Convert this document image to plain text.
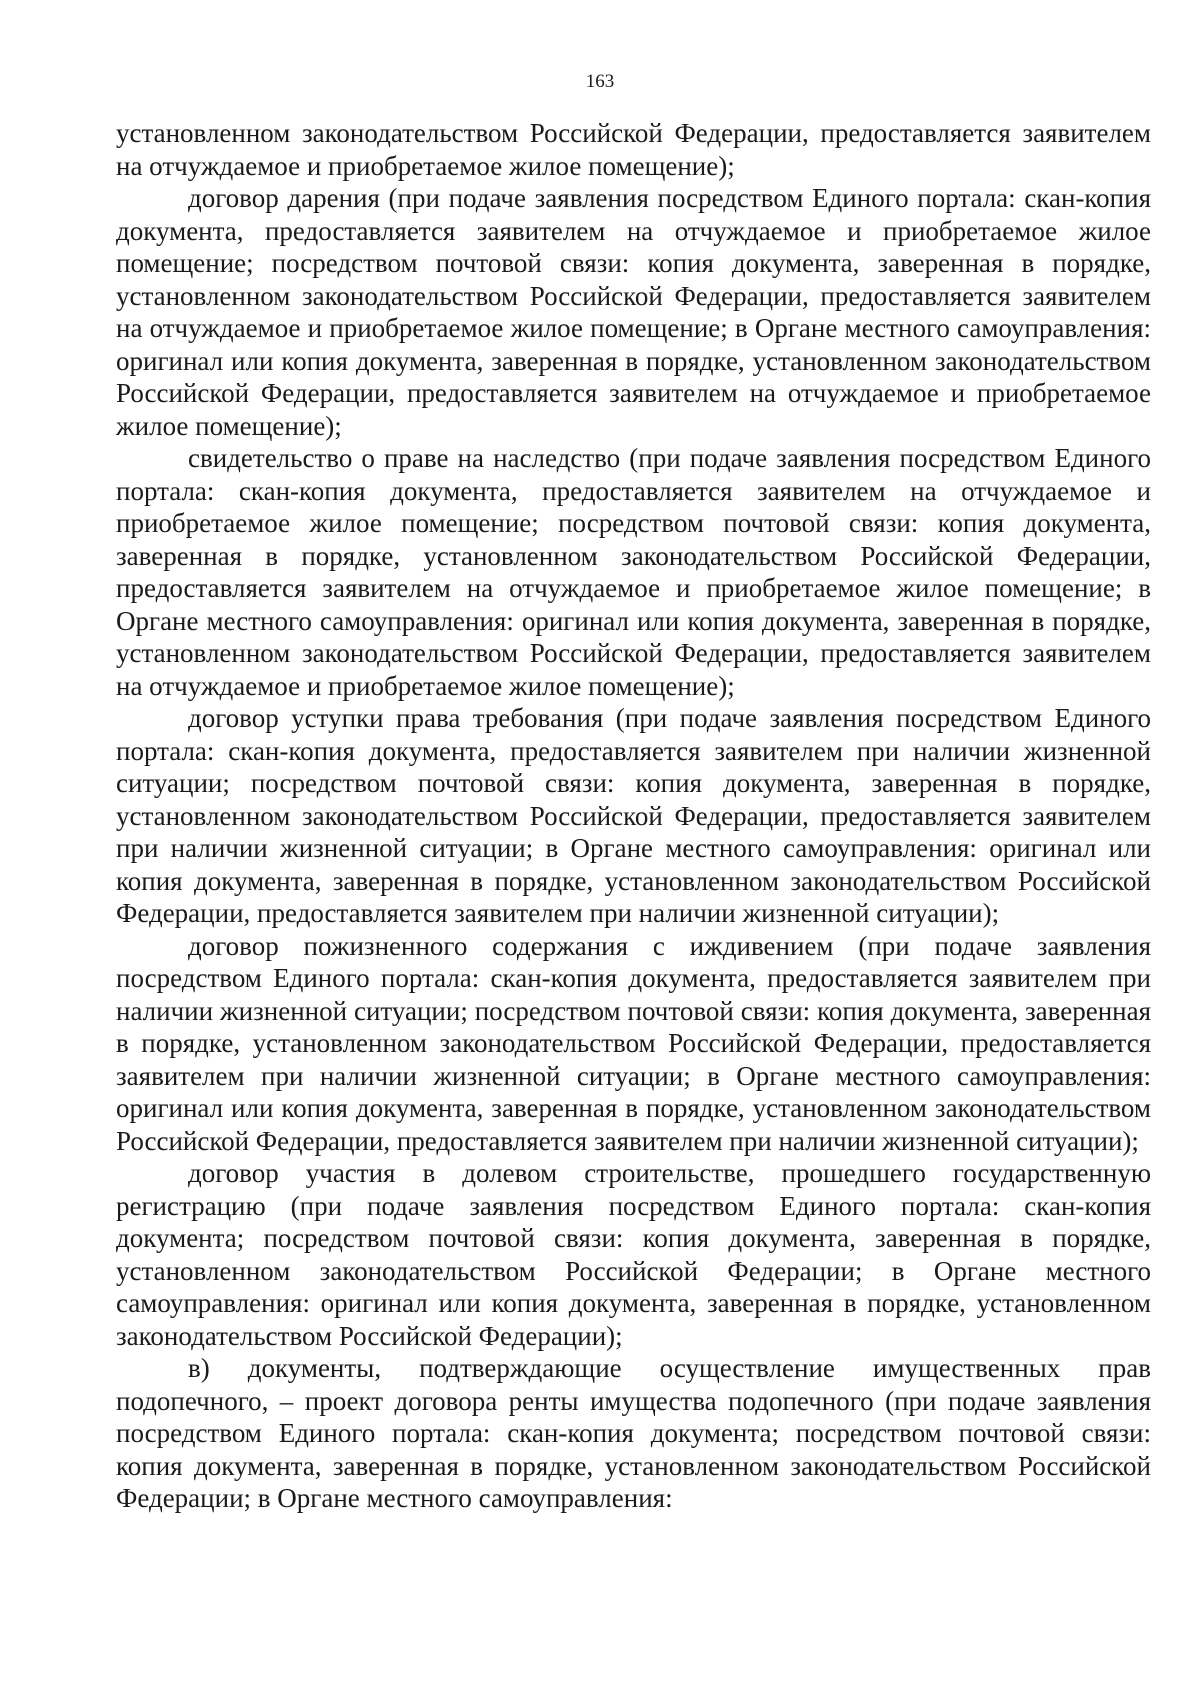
163

установленном законодательством Российской Федерации, предоставляется заявителем на отчуждаемое и приобретаемое жилое помещение);

договор дарения (при подаче заявления посредством Единого портала: скан-копия документа, предоставляется заявителем на отчуждаемое и приобретаемое жилое помещение; посредством почтовой связи: копия документа, заверенная в порядке, установленном законодательством Российской Федерации, предоставляется заявителем на отчуждаемое и приобретаемое жилое помещение; в Органе местного самоуправления: оригинал или копия документа, заверенная в порядке, установленном законодательством Российской Федерации, предоставляется заявителем на отчуждаемое и приобретаемое жилое помещение);

свидетельство о праве на наследство (при подаче заявления посредством Единого портала: скан-копия документа, предоставляется заявителем на отчуждаемое и приобретаемое жилое помещение; посредством почтовой связи: копия документа, заверенная в порядке, установленном законодательством Российской Федерации, предоставляется заявителем на отчуждаемое и приобретаемое жилое помещение; в Органе местного самоуправления: оригинал или копия документа, заверенная в порядке, установленном законодательством Российской Федерации, предоставляется заявителем на отчуждаемое и приобретаемое жилое помещение);

договор уступки права требования (при подаче заявления посредством Единого портала: скан-копия документа, предоставляется заявителем при наличии жизненной ситуации; посредством почтовой связи: копия документа, заверенная в порядке, установленном законодательством Российской Федерации, предоставляется заявителем при наличии жизненной ситуации; в Органе местного самоуправления: оригинал или копия документа, заверенная в порядке, установленном законодательством Российской Федерации, предоставляется заявителем при наличии жизненной ситуации);

договор пожизненного содержания с иждивением (при подаче заявления посредством Единого портала: скан-копия документа, предоставляется заявителем при наличии жизненной ситуации; посредством почтовой связи: копия документа, заверенная в порядке, установленном законодательством Российской Федерации, предоставляется заявителем при наличии жизненной ситуации; в Органе местного самоуправления: оригинал или копия документа, заверенная в порядке, установленном законодательством Российской Федерации, предоставляется заявителем при наличии жизненной ситуации);

договор участия в долевом строительстве, прошедшего государственную регистрацию (при подаче заявления посредством Единого портала: скан-копия документа; посредством почтовой связи: копия документа, заверенная в порядке, установленном законодательством Российской Федерации; в Органе местного самоуправления: оригинал или копия документа, заверенная в порядке, установленном законодательством Российской Федерации);

в) документы, подтверждающие осуществление имущественных прав подопечного, – проект договора ренты имущества подопечного (при подаче заявления посредством Единого портала: скан-копия документа; посредством почтовой связи: копия документа, заверенная в порядке, установленном законодательством Российской Федерации; в Органе местного самоуправления:
